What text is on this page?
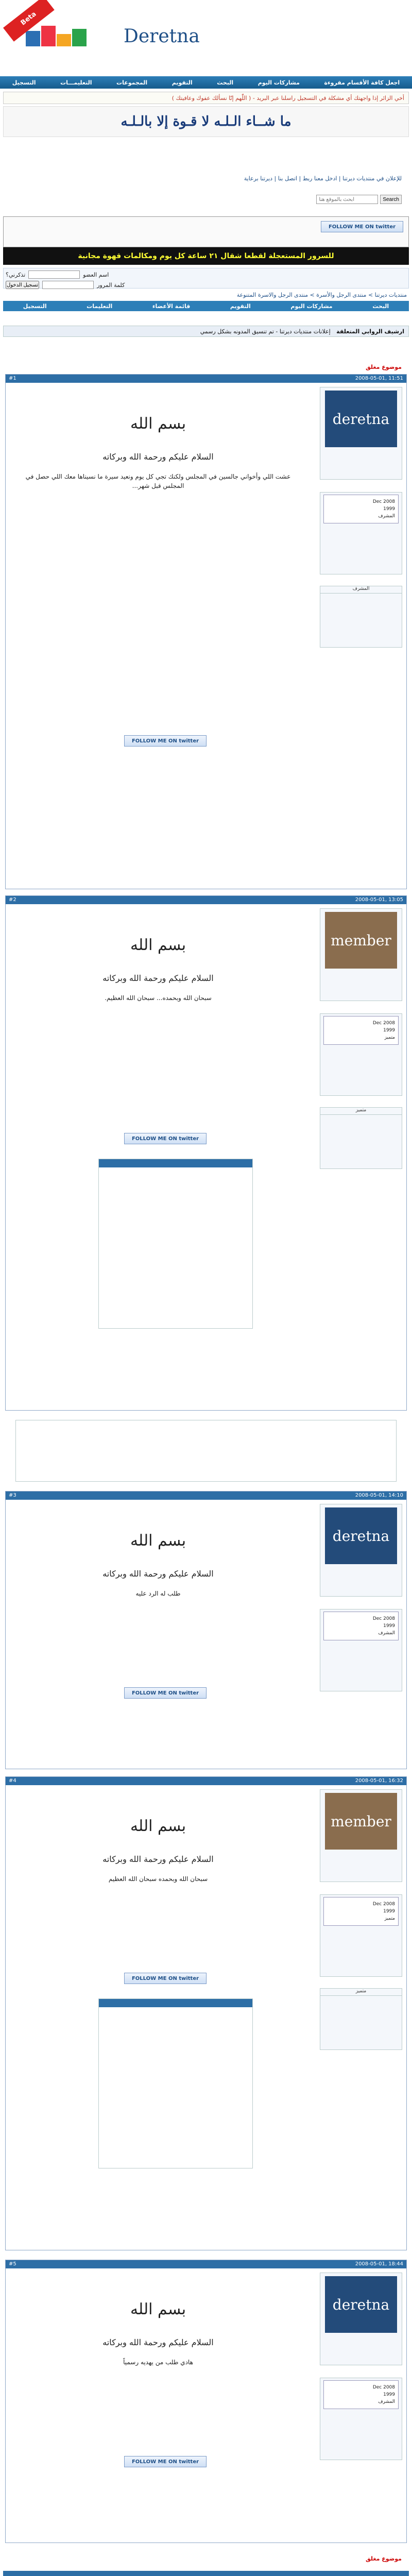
Deretna
Beta
التسجيل	التعليمـــات	المجموعات	التقويم	البحث	مشاركات اليوم	اجعل كافة الأقسام مقروءة
( اللّٰهم إنّا نسألك عفوك وعافيتك ) - أخي الزائر إذا واجهتك أي مشكلة في التسجيل راسلنا عبر البريد
ما شــاء الـلـه لا قـوة إلا بالـلـه
للإعلان في منتديات ديرتنا | ادخل معنا ربط | اتصل بنا | ديرتنا برعاية
ابحث بالموقع هنا
Search
FOLLOW ME ON
twitter
للسرور المستعجلة لقطعا شقال ٢١ ساعة كل يوم ومكالمات قهوة مجانية
اسم العضو
تذكرني؟
كلمة المرور
تسجيل الدخول
منتديات ديرتنا > منتدى الرجل والأسرة > منتدى الرجل والاسرة المتنوعة
التسجيل	التعليمات	قائمة الأعضاء	التقويم	مشاركات اليوم	البحث
ارشيف الروابي المتعلقة   إعلانات منتديات ديرتنا - تم تنسيق المدونه بشكل رسمي
موضوع مغلق
#1	2008-05-01, 11:51
deretna
Dec 2008
1999
المشرف
المشرف
بسم الله
السلام عليكم ورحمة الله وبركاته
عشت اللي وأخواني جالسين في المجلس ولكنك تجي كل يوم ونعيد سيرة ما نسيناها معك اللي حصل في المجلس قبل شهر...
FOLLOW ME ON
twitter
#2	2008-05-01, 13:05
member
Dec 2008
1999
متميز
متميز
بسم الله
السلام عليكم ورحمة الله وبركاته
سبحان الله وبحمده... سبحان الله العظيم.
FOLLOW ME ON
twitter
#3	2008-05-01, 14:10
deretna
Dec 2008
1999
المشرف
بسم الله
السلام عليكم ورحمة الله وبركاته
طلب له الرد عليه
FOLLOW ME ON
twitter
#4	2008-05-01, 16:32
member
Dec 2008
1999
متميز
متميز
بسم الله
السلام عليكم ورحمة الله وبركاته
سبحان الله وبحمده سبحان الله العظيم
FOLLOW ME ON
twitter
#5	2008-05-01, 18:44
deretna
Dec 2008
1999
المشرف
بسم الله
السلام عليكم ورحمة الله وبركاته
هادي طلب من يهديه رسمياً
FOLLOW ME ON
twitter
موضوع مغلق
